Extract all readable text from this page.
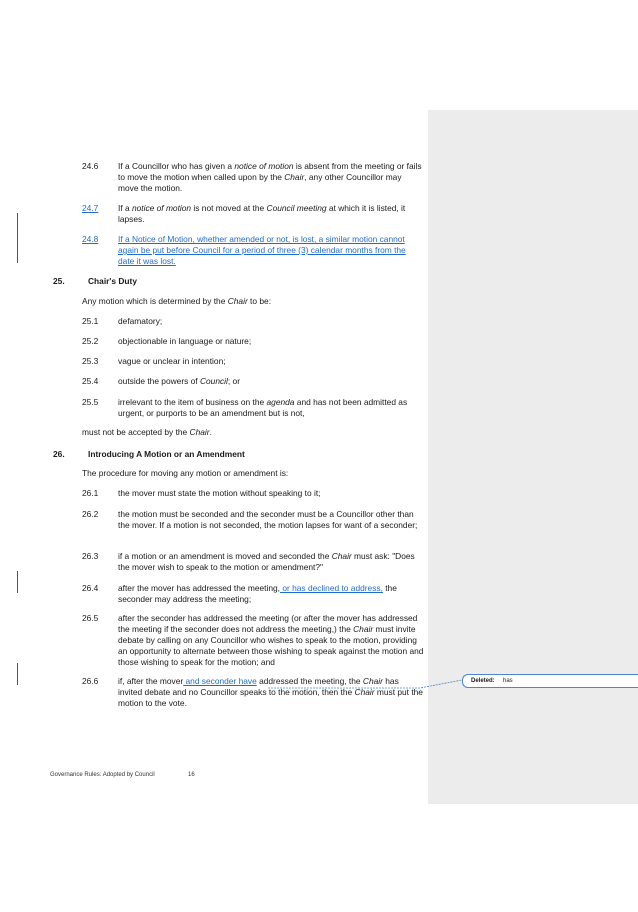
24.6 If a Councillor who has given a notice of motion is absent from the meeting or fails to move the motion when called upon by the Chair, any other Councillor may move the motion.
24.7 If a notice of motion is not moved at the Council meeting at which it is listed, it lapses.
24.8 If a Notice of Motion, whether amended or not, is lost, a similar motion cannot again be put before Council for a period of three (3) calendar months from the date it was lost.
25.	Chair's Duty
Any motion which is determined by the Chair to be:
25.1 defamatory;
25.2 objectionable in language or nature;
25.3 vague or unclear in intention;
25.4 outside the powers of Council; or
25.5 irrelevant to the item of business on the agenda and has not been admitted as urgent, or purports to be an amendment but is not,
must not be accepted by the Chair.
26.	Introducing A Motion or an Amendment
The procedure for moving any motion or amendment is:
26.1 the mover must state the motion without speaking to it;
26.2 the motion must be seconded and the seconder must be a Councillor other than the mover. If a motion is not seconded, the motion lapses for want of a seconder;
26.3 if a motion or an amendment is moved and seconded the Chair must ask: "Does the mover wish to speak to the motion or amendment?"
26.4 after the mover has addressed the meeting, or has declined to address, the seconder may address the meeting;
26.5 after the seconder has addressed the meeting (or after the mover has addressed the meeting if the seconder does not address the meeting,) the Chair must invite debate by calling on any Councillor who wishes to speak to the motion, providing an opportunity to alternate between those wishing to speak against the motion and those wishing to speak for the motion; and
26.6 if, after the mover and seconder have addressed the meeting, the Chair has invited debate and no Councillor speaks to the motion, then the Chair must put the motion to the vote.
Deleted: has
Governance Rules: Adopted by Council	16
